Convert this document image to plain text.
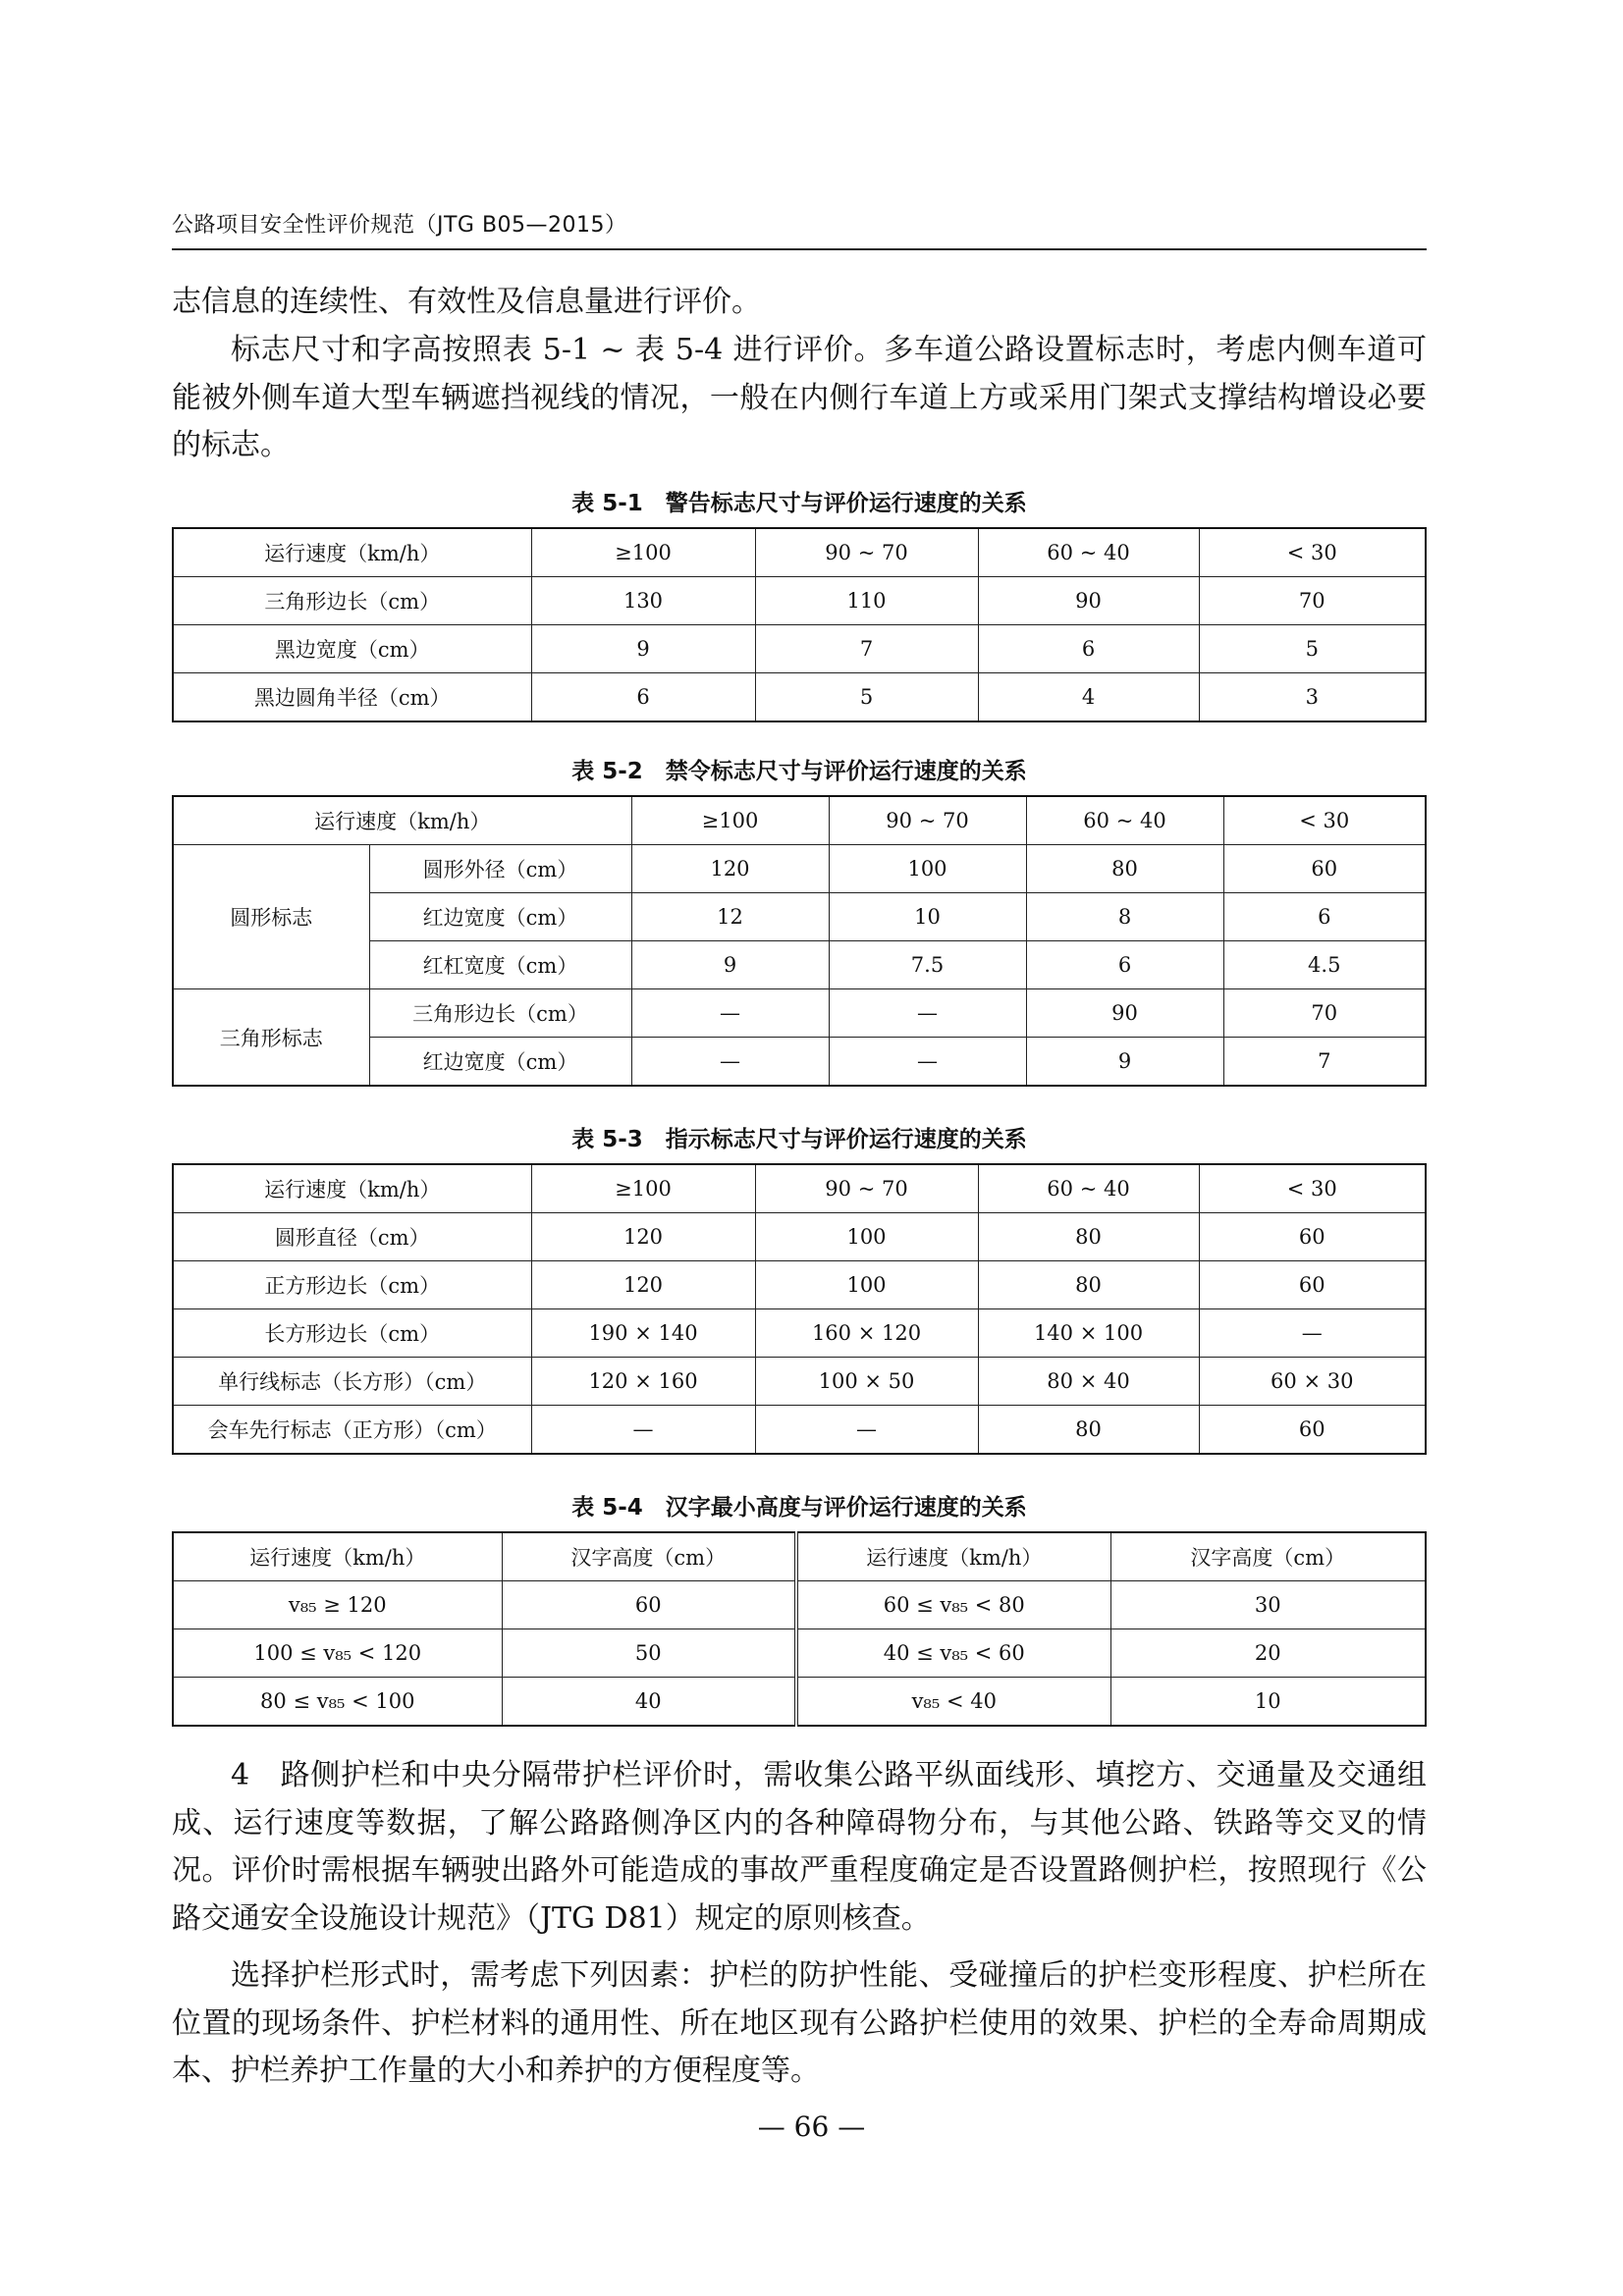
公路项目安全性评价规范（JTG B05—2015）
志信息的连续性、有效性及信息量进行评价。
标志尺寸和字高按照表 5-1 ~ 表 5-4 进行评价。多车道公路设置标志时，考虑内侧车道可能被外侧车道大型车辆遮挡视线的情况，一般在内侧行车道上方或采用门架式支撑结构增设必要的标志。
表 5-1　警告标志尺寸与评价运行速度的关系
运行速度（km/h）	≥100	90 ~ 70	60 ~ 40	< 30
三角形边长（cm）	130	110	90	70
黑边宽度（cm）	9	7	6	5
黑边圆角半径（cm）	6	5	4	3
表 5-2　禁令标志尺寸与评价运行速度的关系
运行速度（km/h）		≥100	90 ~ 70	60 ~ 40	< 30
圆形标志	圆形外径（cm）	120	100	80	60
	红边宽度（cm）	12	10	8	6
	红杠宽度（cm）	9	7.5	6	4.5
三角形标志	三角形边长（cm）	—	—	90	70
	红边宽度（cm）	—	—	9	7
表 5-3　指示标志尺寸与评价运行速度的关系
运行速度（km/h）	≥100	90 ~ 70	60 ~ 40	< 30
圆形直径（cm）	120	100	80	60
正方形边长（cm）	120	100	80	60
长方形边长（cm）	190 × 140	160 × 120	140 × 100	—
单行线标志（长方形）（cm）	120 × 160	100 × 50	80 × 40	60 × 30
会车先行标志（正方形）（cm）	—	—	80	60
表 5-4　汉字最小高度与评价运行速度的关系
运行速度（km/h）	汉字高度（cm）	运行速度（km/h）	汉字高度（cm）
v₈₅ ≥ 120	60	60 ≤ v₈₅ < 80	30
100 ≤ v₈₅ < 120	50	40 ≤ v₈₅ < 60	20
80 ≤ v₈₅ < 100	40	v₈₅ < 40	10
4　路侧护栏和中央分隔带护栏评价时，需收集公路平纵面线形、填挖方、交通量及交通组成、运行速度等数据，了解公路路侧净区内的各种障碍物分布，与其他公路、铁路等交叉的情况。评价时需根据车辆驶出路外可能造成的事故严重程度确定是否设置路侧护栏，按照现行《公路交通安全设施设计规范》（JTG D81）规定的原则核查。
选择护栏形式时，需考虑下列因素：护栏的防护性能、受碰撞后的护栏变形程度、护栏所在位置的现场条件、护栏材料的通用性、所在地区现有公路护栏使用的效果、护栏的全寿命周期成本、护栏养护工作量的大小和养护的方便程度等。
— 66 —
